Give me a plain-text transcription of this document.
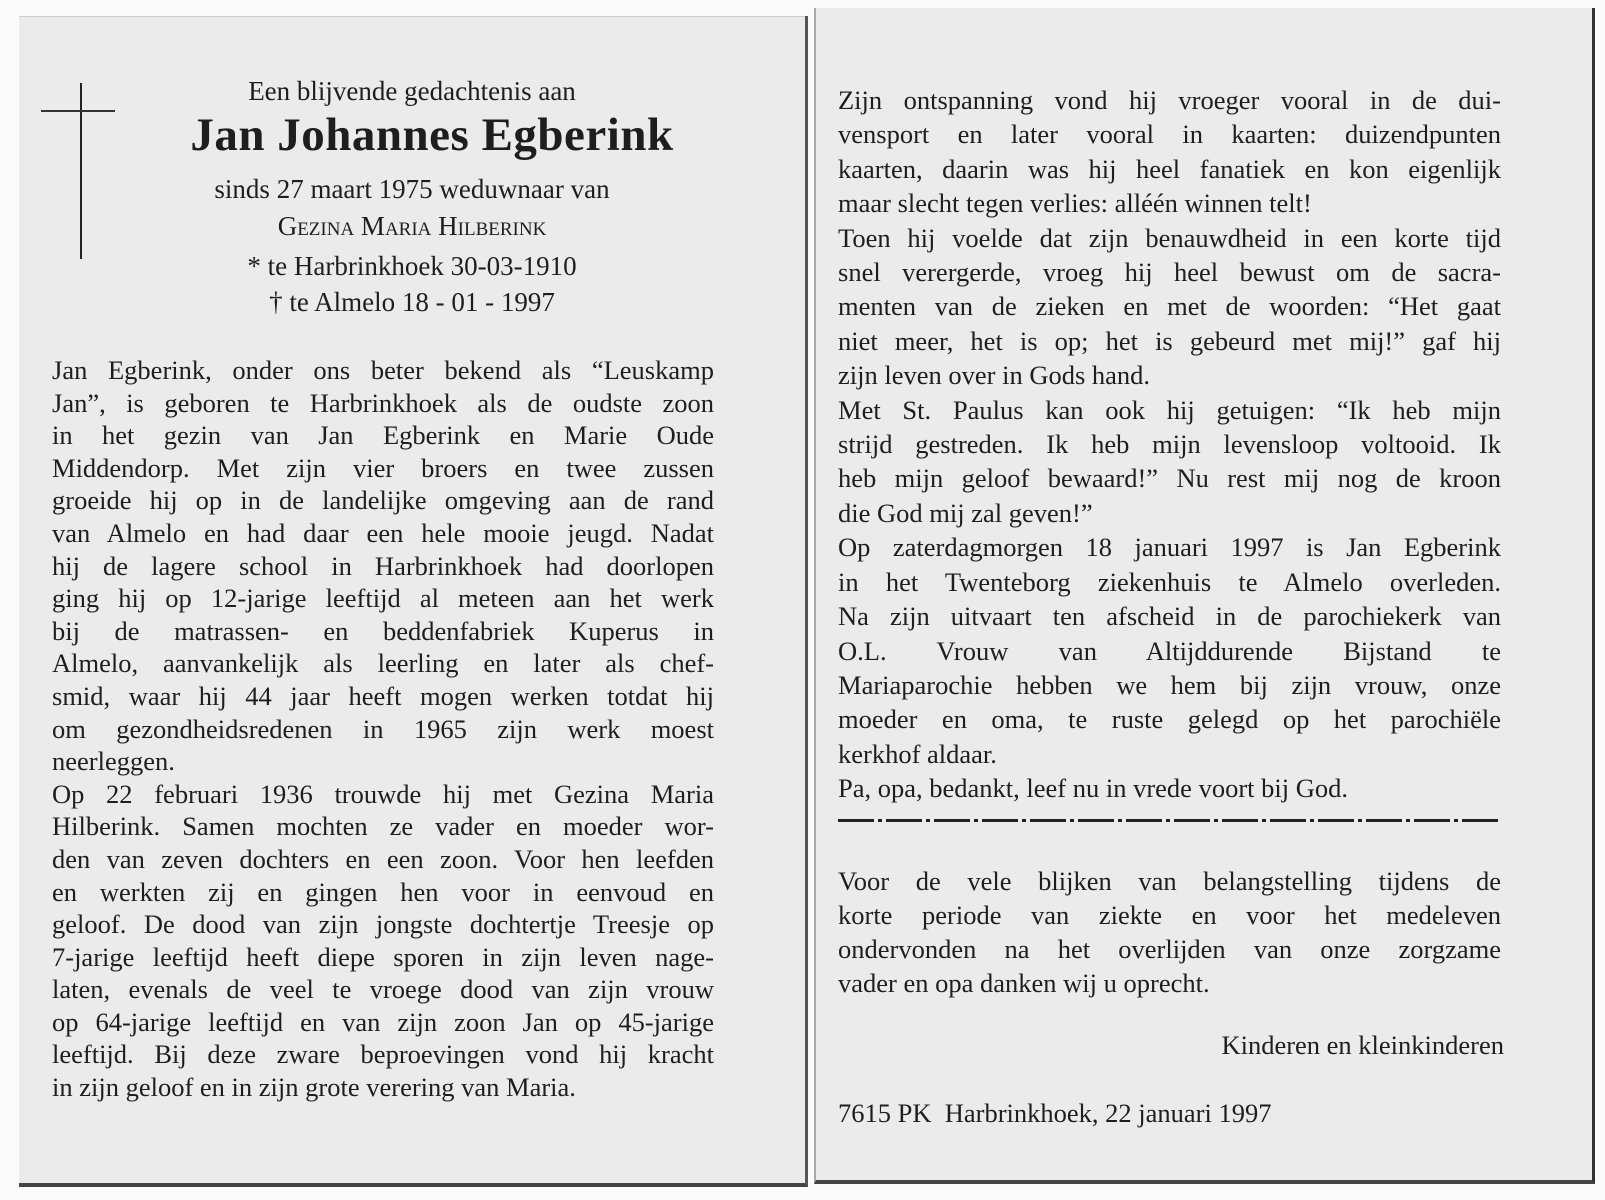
Een blijvende gedachtenis aan
Jan Johannes Egberink
sinds 27 maart 1975 weduwnaar van
Gezina Maria Hilberink
* te Harbrinkhoek 30-03-1910
† te Almelo 18 - 01 - 1997
Jan Egberink, onder ons beter bekend als “Leuskamp
Jan”, is geboren te Harbrinkhoek als de oudste zoon
in het gezin van Jan Egberink en Marie Oude
Middendorp. Met zijn vier broers en twee zussen
groeide hij op in de landelijke omgeving aan de rand
van Almelo en had daar een hele mooie jeugd. Nadat
hij de lagere school in Harbrinkhoek had doorlopen
ging hij op 12-jarige leeftijd al meteen aan het werk
bij de matrassen- en beddenfabriek Kuperus in
Almelo, aanvankelijk als leerling en later als chef-
smid, waar hij 44 jaar heeft mogen werken totdat hij
om gezondheidsredenen in 1965 zijn werk moest
neerleggen.
Op 22 februari 1936 trouwde hij met Gezina Maria
Hilberink. Samen mochten ze vader en moeder wor-
den van zeven dochters en een zoon. Voor hen leefden
en werkten zij en gingen hen voor in eenvoud en
geloof. De dood van zijn jongste dochtertje Treesje op
7-jarige leeftijd heeft diepe sporen in zijn leven nage-
laten, evenals de veel te vroege dood van zijn vrouw
op 64-jarige leeftijd en van zijn zoon Jan op 45-jarige
leeftijd. Bij deze zware beproevingen vond hij kracht
in zijn geloof en in zijn grote verering van Maria.
Zijn ontspanning vond hij vroeger vooral in de dui-
vensport en later vooral in kaarten: duizendpunten
kaarten, daarin was hij heel fanatiek en kon eigenlijk
maar slecht tegen verlies: alléén winnen telt!
Toen hij voelde dat zijn benauwdheid in een korte tijd
snel verergerde, vroeg hij heel bewust om de sacra-
menten van de zieken en met de woorden: “Het gaat
niet meer, het is op; het is gebeurd met mij!” gaf hij
zijn leven over in Gods hand.
Met St. Paulus kan ook hij getuigen: “Ik heb mijn
strijd gestreden. Ik heb mijn levensloop voltooid. Ik
heb mijn geloof bewaard!” Nu rest mij nog de kroon
die God mij zal geven!”
Op zaterdagmorgen 18 januari 1997 is Jan Egberink
in het Twenteborg ziekenhuis te Almelo overleden.
Na zijn uitvaart ten afscheid in de parochiekerk van
O.L. Vrouw van Altijddurende Bijstand te
Mariaparochie hebben we hem bij zijn vrouw, onze
moeder en oma, te ruste gelegd op het parochiële
kerkhof aldaar.
Pa, opa, bedankt, leef nu in vrede voort bij God.
Voor de vele blijken van belangstelling tijdens de
korte periode van ziekte en voor het medeleven
ondervonden na het overlijden van onze zorgzame
vader en opa danken wij u oprecht.
Kinderen en kleinkinderen
7615 PK  Harbrinkhoek, 22 januari 1997
